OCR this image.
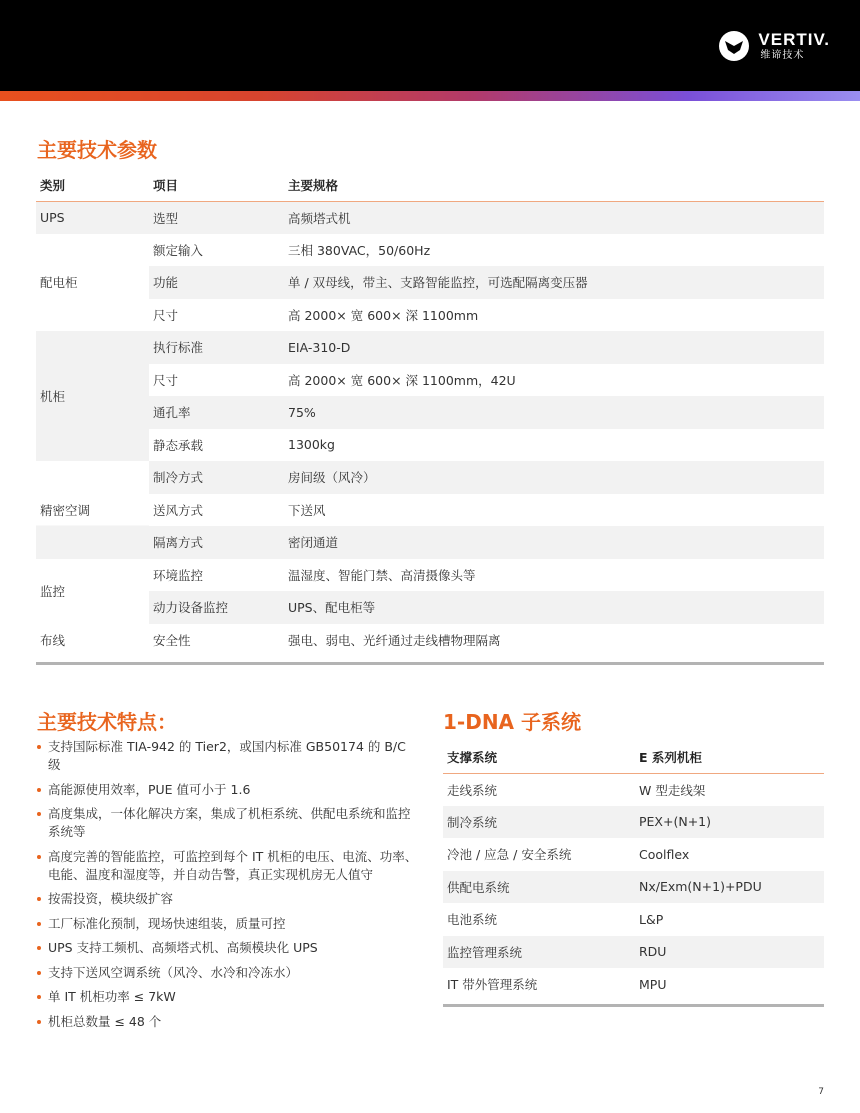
VERTIV.
维谛技术
主要技术参数
类别	项目	主要规格
UPS	选型	高频塔式机
配电柜	额定输入	三相 380VAC，50/60Hz
	功能	单 / 双母线，带主、支路智能监控，可选配隔离变压器
	尺寸	高 2000× 宽 600× 深 1100mm
机柜	执行标准	EIA-310-D
	尺寸	高 2000× 宽 600× 深 1100mm，42U
	通孔率	75%
	静态承载	1300kg
精密空调	制冷方式	房间级（风冷）
	送风方式	下送风
	隔离方式	密闭通道
监控	环境监控	温湿度、智能门禁、高清摄像头等
	动力设备监控	UPS、配电柜等
布线	安全性	强电、弱电、光纤通过走线槽物理隔离
主要技术特点：
支持国际标准 TIA-942 的 Tier2，或国内标准 GB50174 的 B/C 级
高能源使用效率，PUE 值可小于 1.6
高度集成，一体化解决方案，集成了机柜系统、供配电系统和监控系统等
高度完善的智能监控，可监控到每个 IT 机柜的电压、电流、功率、电能、温度和湿度等，并自动告警，真正实现机房无人值守
按需投资，模块级扩容
工厂标准化预制，现场快速组装，质量可控
UPS 支持工频机、高频塔式机、高频模块化 UPS
支持下送风空调系统（风冷、水冷和冷冻水）
单 IT 机柜功率 ≤ 7kW
机柜总数量 ≤ 48 个
1-DNA 子系统
支撑系统	E 系列机柜
走线系统	W 型走线架
制冷系统	PEX+(N+1)
冷池 / 应急 / 安全系统	Coolflex
供配电系统	Nx/Exm(N+1)+PDU
电池系统	L&P
监控管理系统	RDU
IT 带外管理系统	MPU
7
